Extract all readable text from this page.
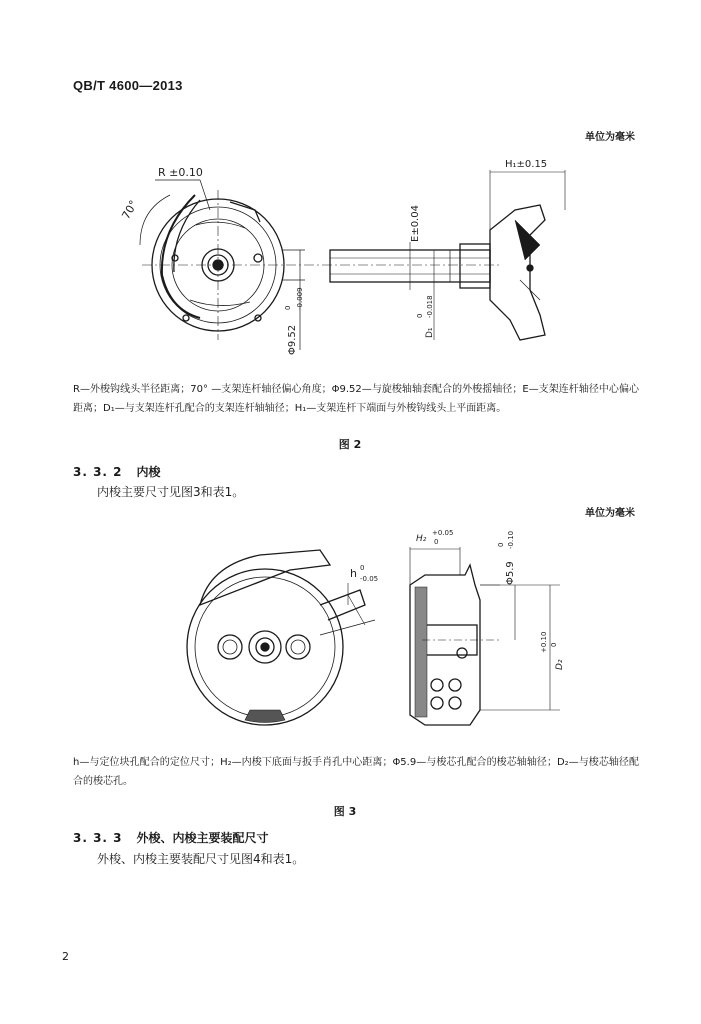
QB/T 4600—2013
单位为毫米
R ±0.10
70°
Φ9.52
0 -0.009
E±0.04
D₁
0 -0.018
H₁±0.15
R—外梭钩线头半径距离；70° —支架连杆轴径偏心角度；Φ9.52—与旋梭轴轴套配合的外梭摇轴径；E—支架连杆轴径中心偏心距离；D₁—与支架连杆孔配合的支架连杆轴轴径；H₁—支架连杆下端面与外梭钩线头上平面距离。
图 2
3. 3. 2 内梭
内梭主要尺寸见图3和表1。
单位为毫米
h 0
-0.05
H₂
+0.05
0
Φ5.9
0 -0.10
D₂
+0.10 0
h—与定位块孔配合的定位尺寸；H₂—内梭下底面与扳手肖孔中心距离；Φ5.9—与梭芯孔配合的梭芯轴轴径；D₂—与梭芯轴径配合的梭芯孔。
图 3
3. 3. 3 外梭、内梭主要装配尺寸
外梭、内梭主要装配尺寸见图4和表1。
2
